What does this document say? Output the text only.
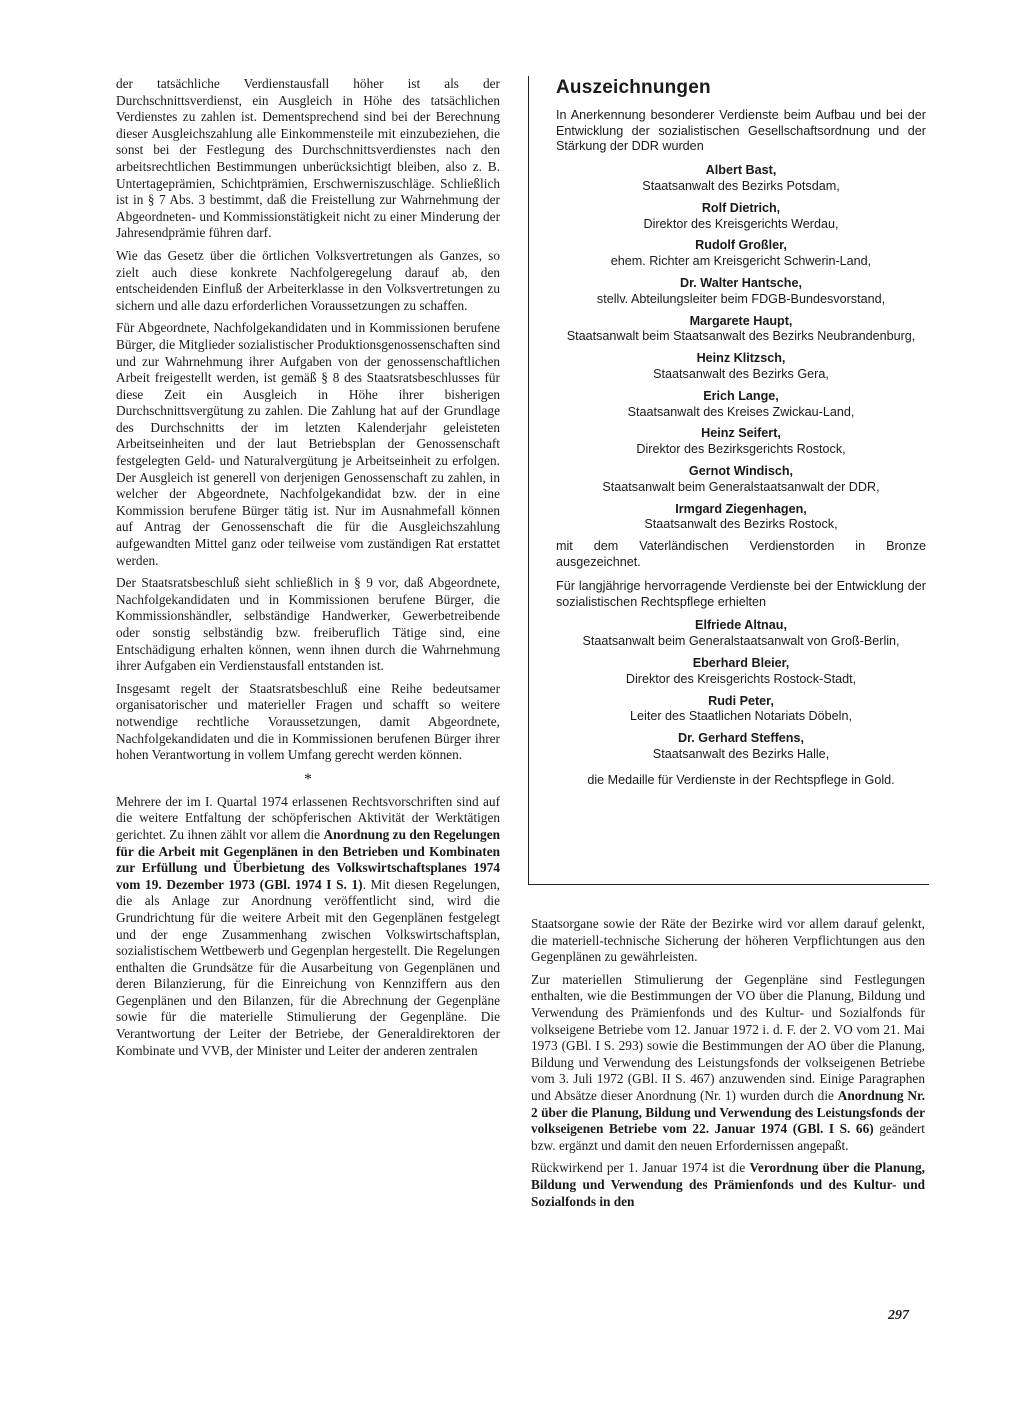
der tatsächliche Verdienstausfall höher ist als der Durchschnittsverdienst, ein Ausgleich in Höhe des tatsächlichen Verdienstes zu zahlen ist. Dementsprechend sind bei der Berechnung dieser Ausgleichszahlung alle Einkommensteile mit einzubeziehen, die sonst bei der Festlegung des Durchschnittsverdienstes nach den arbeitsrechtlichen Bestimmungen unberücksichtigt bleiben, also z. B. Untertageprämien, Schichtprämien, Erschwerniszuschläge. Schließlich ist in § 7 Abs. 3 bestimmt, daß die Freistellung zur Wahrnehmung der Abgeordneten- und Kommissionstätigkeit nicht zu einer Minderung der Jahresendprämie führen darf.

Wie das Gesetz über die örtlichen Volksvertretungen als Ganzes, so zielt auch diese konkrete Nachfolgeregelung darauf ab, den entscheidenden Einfluß der Arbeiterklasse in den Volksvertretungen zu sichern und alle dazu erforderlichen Voraussetzungen zu schaffen.

Für Abgeordnete, Nachfolgekandidaten und in Kommissionen berufene Bürger, die Mitglieder sozialistischer Produktionsgenossenschaften sind und zur Wahrnehmung ihrer Aufgaben von der genossenschaftlichen Arbeit freigestellt werden, ist gemäß § 8 des Staatsratsbeschlusses für diese Zeit ein Ausgleich in Höhe ihrer bisherigen Durchschnittsvergütung zu zahlen. Die Zahlung hat auf der Grundlage des Durchschnitts der im letzten Kalenderjahr geleisteten Arbeitseinheiten und der laut Betriebsplan der Genossenschaft festgelegten Geld- und Naturalvergütung je Arbeitseinheit zu erfolgen. Der Ausgleich ist generell von derjenigen Genossenschaft zu zahlen, in welcher der Abgeordnete, Nachfolgekandidat bzw. der in eine Kommission berufene Bürger tätig ist. Nur im Ausnahmefall können auf Antrag der Genossenschaft die für die Ausgleichszahlung aufgewandten Mittel ganz oder teilweise vom zuständigen Rat erstattet werden.

Der Staatsratsbeschluß sieht schließlich in § 9 vor, daß Abgeordnete, Nachfolgekandidaten und in Kommissionen berufene Bürger, die Kommissionshändler, selbständige Handwerker, Gewerbetreibende oder sonstig selbständig bzw. freiberuflich Tätige sind, eine Entschädigung erhalten können, wenn ihnen durch die Wahrnehmung ihrer Aufgaben ein Verdienstausfall entstanden ist.

Insgesamt regelt der Staatsratsbeschluß eine Reihe bedeutsamer organisatorischer und materieller Fragen und schafft so weitere notwendige rechtliche Voraussetzungen, damit Abgeordnete, Nachfolgekandidaten und die in Kommissionen berufenen Bürger ihrer hohen Verantwortung in vollem Umfang gerecht werden können.

*

Mehrere der im I. Quartal 1974 erlassenen Rechtsvorschriften sind auf die weitere Entfaltung der schöpferischen Aktivität der Werktätigen gerichtet. Zu ihnen zählt vor allem die Anordnung zu den Regelungen für die Arbeit mit Gegenplänen in den Betrieben und Kombinaten zur Erfüllung und Überbietung des Volkswirtschaftsplanes 1974 vom 19. Dezember 1973 (GBl. 1974 I S. 1). Mit diesen Regelungen, die als Anlage zur Anordnung veröffentlicht sind, wird die Grundrichtung für die weitere Arbeit mit den Gegenplänen festgelegt und der enge Zusammenhang zwischen Volkswirtschaftsplan, sozialistischem Wettbewerb und Gegenplan hergestellt. Die Regelungen enthalten die Grundsätze für die Ausarbeitung von Gegenplänen und deren Bilanzierung, für die Einreichung von Kennziffern aus den Gegenplänen und den Bilanzen, für die Abrechnung der Gegenpläne sowie für die materielle Stimulierung der Gegenpläne. Die Verantwortung der Leiter der Betriebe, der Generaldirektoren der Kombinate und VVB, der Minister und Leiter der anderen zentralen

Auszeichnungen

In Anerkennung besonderer Verdienste beim Aufbau und bei der Entwicklung der sozialistischen Gesellschaftsordnung und der Stärkung der DDR wurden

Albert Bast,
Staatsanwalt des Bezirks Potsdam,
Rolf Dietrich,
Direktor des Kreisgerichts Werdau,
Rudolf Großler,
ehem. Richter am Kreisgericht Schwerin-Land,
Dr. Walter Hantsche,
stellv. Abteilungsleiter beim FDGB-Bundesvorstand,
Margarete Haupt,
Staatsanwalt beim Staatsanwalt des Bezirks Neubrandenburg,
Heinz Klitzsch,
Staatsanwalt des Bezirks Gera,
Erich Lange,
Staatsanwalt des Kreises Zwickau-Land,
Heinz Seifert,
Direktor des Bezirksgerichts Rostock,
Gernot Windisch,
Staatsanwalt beim Generalstaatsanwalt der DDR,
Irmgard Ziegenhagen,
Staatsanwalt des Bezirks Rostock,

mit dem Vaterländischen Verdienstorden in Bronze ausgezeichnet.

Für langjährige hervorragende Verdienste bei der Entwicklung der sozialistischen Rechtspflege erhielten

Elfriede Altnau,
Staatsanwalt beim Generalstaatsanwalt von Groß-Berlin,
Eberhard Bleier,
Direktor des Kreisgerichts Rostock-Stadt,
Rudi Peter,
Leiter des Staatlichen Notariats Döbeln,
Dr. Gerhard Steffens,
Staatsanwalt des Bezirks Halle,

die Medaille für Verdienste in der Rechtspflege in Gold.

Staatsorgane sowie der Räte der Bezirke wird vor allem darauf gelenkt, die materiell-technische Sicherung der höheren Verpflichtungen aus den Gegenplänen zu gewährleisten.

Zur materiellen Stimulierung der Gegenpläne sind Festlegungen enthalten, wie die Bestimmungen der VO über die Planung, Bildung und Verwendung des Prämienfonds und des Kultur- und Sozialfonds für volkseigene Betriebe vom 12. Januar 1972 i. d. F. der 2. VO vom 21. Mai 1973 (GBl. I S. 293) sowie die Bestimmungen der AO über die Planung, Bildung und Verwendung des Leistungsfonds der volkseigenen Betriebe vom 3. Juli 1972 (GBl. II S. 467) anzuwenden sind. Einige Paragraphen und Absätze dieser Anordnung (Nr. 1) wurden durch die Anordnung Nr. 2 über die Planung, Bildung und Verwendung des Leistungsfonds der volkseigenen Betriebe vom 22. Januar 1974 (GBl. I S. 66) geändert bzw. ergänzt und damit den neuen Erfordernissen angepaßt.

Rückwirkend per 1. Januar 1974 ist die Verordnung über die Planung, Bildung und Verwendung des Prämienfonds und des Kultur- und Sozialfonds in den

297
